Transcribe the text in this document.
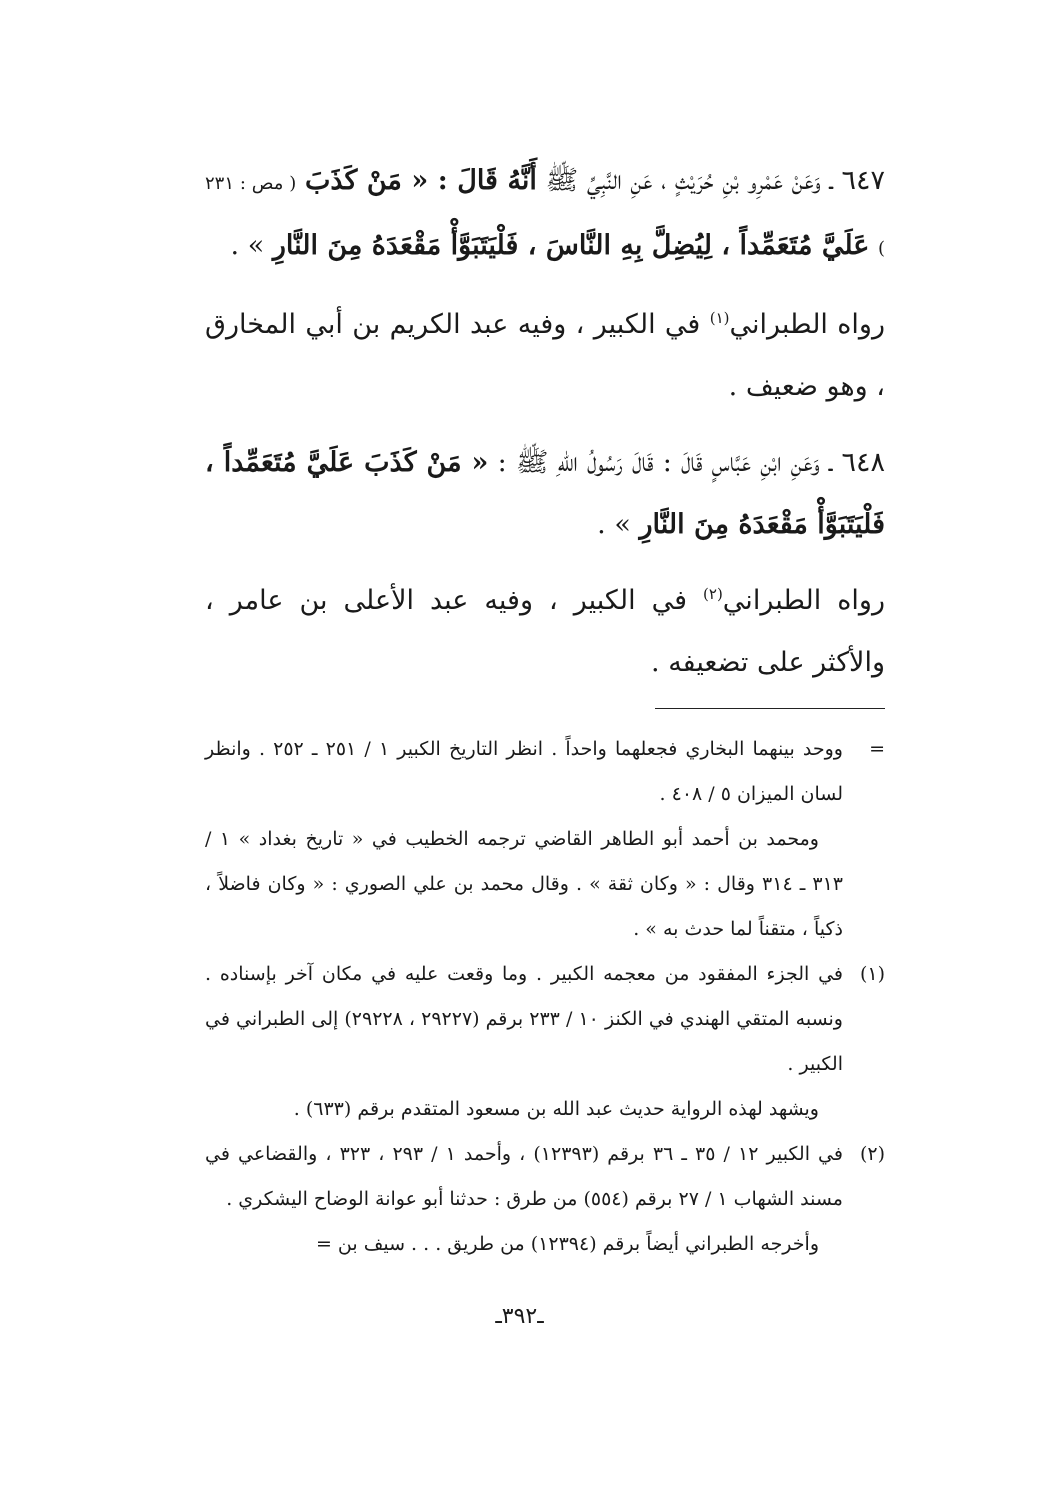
٦٤٧ ـ وَعَنْ عَمْرِو بْنِ حُرَيْثٍ ، عَنِ النَّبِيِّ ﷺ أَنَّهُ قَالَ : « مَنْ كَذَبَ ( مص : ٢٣١ ) عَلَيَّ مُتَعَمِّداً ، لِيُضِلَّ بِهِ النَّاسَ ، فَلْيَتَبَوَّأْ مَقْعَدَهُ مِنَ النَّارِ » .

رواه الطبراني$^{(١)}$ في الكبير ، وفيه عبد الكريم بن أبي المخارق ، وهو ضعيف .

٦٤٨ ـ وَعَنِ ابْنِ عَبَّاسٍ قَالَ : قَالَ رَسُولُ اللهِ ﷺ : « مَنْ كَذَبَ عَلَيَّ مُتَعَمِّداً ، فَلْيَتَبَوَّأْ مَقْعَدَهُ مِنَ النَّارِ » .

رواه الطبراني$^{(٢)}$ في الكبير ، وفيه عبد الأعلى بن عامر ، والأكثر على تضعيفه .

=

ووحد بينهما البخاري فجعلهما واحداً . انظر التاريخ الكبير ١ / ٢٥١ ـ ٢٥٢ . وانظر لسان الميزان ٥ / ٤٠٨ .

ومحمد بن أحمد أبو الطاهر القاضي ترجمه الخطيب في « تاريخ بغداد » ١ / ٣١٣ ـ ٣١٤ وقال : « وكان ثقة » . وقال محمد بن علي الصوري : « وكان فاضلاً ، ذكياً ، متقناً لما حدث به » .

(١)

في الجزء المفقود من معجمه الكبير . وما وقعت عليه في مكان آخر بإسناده . ونسبه المتقي الهندي في الكنز ١٠ / ٢٣٣ برقم (٢٩٢٢٧ ، ٢٩٢٢٨) إلى الطبراني في الكبير .

ويشهد لهذه الرواية حديث عبد الله بن مسعود المتقدم برقم (٦٣٣) .

(٢)

في الكبير ١٢ / ٣٥ ـ ٣٦ برقم (١٢٣٩٣) ، وأحمد ١ / ٢٩٣ ، ٣٢٣ ، والقضاعي في مسند الشهاب ١ / ٢٧ برقم (٥٥٤) من طرق : حدثنا أبو عوانة الوضاح اليشكري .

وأخرجه الطبراني أيضاً برقم (١٢٣٩٤) من طريق . . . سيف بن =

ـ٣٩٢ـ
